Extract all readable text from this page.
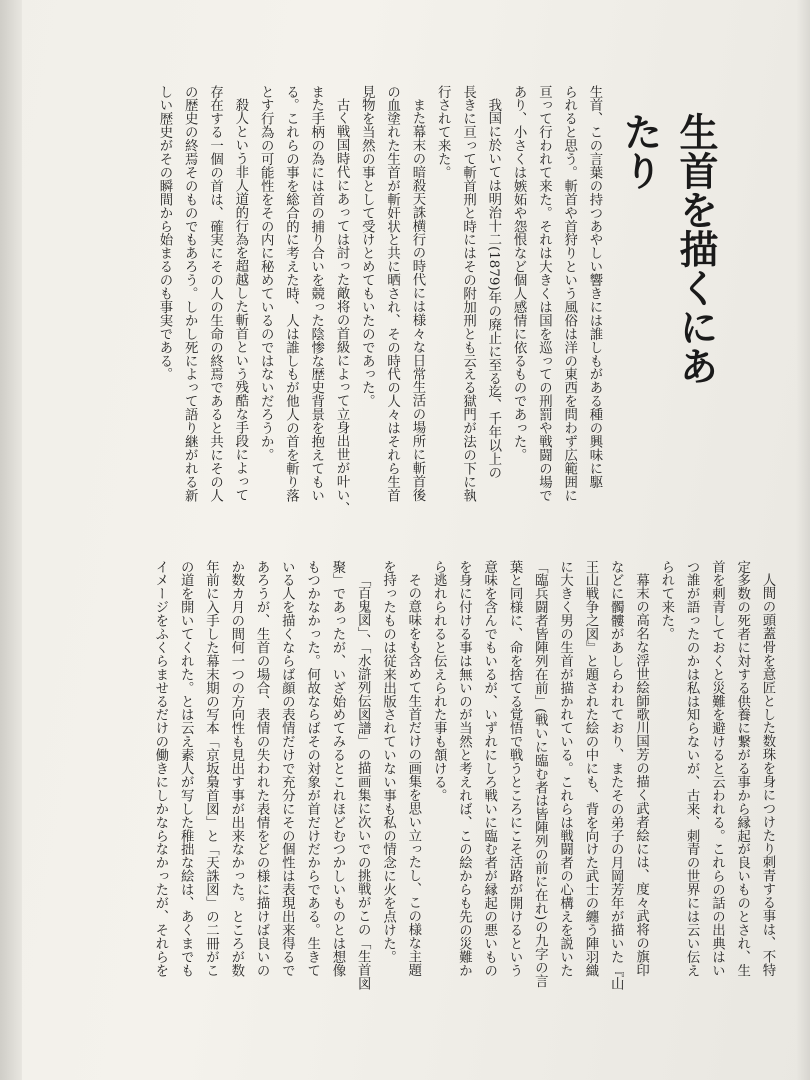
生首を描くにあたり

生首、この言葉の持つあやしい響きには誰しもがある種の興味に駆
られると思う。斬首や首狩りという風俗は洋の東西を問わず広範囲に
亘って行われて来た。それは大きくは国を巡っての刑罰や戦闘の場で
あり、小さくは嫉妬や怨恨など個人感情に依るものであった。

我国に於いては明治十二(1879)年の廃止に至る迄、千年以上の
長きに亘って斬首刑と時にはその附加刑とも云える獄門が法の下に執
行されて来た。

また幕末の暗殺天誅横行の時代には様々な日常生活の場所に斬首後
の血塗れた生首が斬奸状と共に晒され、その時代の人々はそれら生首
見物を当然の事として受けとめてもいたのであった。

古く戦国時代にあっては討った敵将の首級によって立身出世が叶い、
また手柄の為には首の捕り合いを競った陰惨な歴史背景を抱えてもい
る。これらの事を総合的に考えた時、人は誰しもが他人の首を斬り落
とす行為の可能性をその内に秘めているのではないだろうか。

殺人という非人道的行為を超越した斬首という残酷な手段によって
存在する一個の首は、確実にその人の生命の終焉であると共にその人
の歴史の終焉そのものでもあろう。しかし死によって語り継がれる新
しい歴史がその瞬間から始まるのも事実である。

人間の頭蓋骨を意匠とした数珠を身につけたり刺青する事は、不特
定多数の死者に対する供養に繋がる事から縁起が良いものとされ、生
首を刺青しておくと災難を避けると云われる。これらの話の出典はい
つ誰が語ったのかは私は知らないが、古来、刺青の世界には云い伝え
られて来た。

幕末の高名な浮世絵師歌川国芳の描く武者絵には、度々武将の旗印
などに髑髏があしらわれており、またその弟子の月岡芳年が描いた『山
王山戦争之図』と題された絵の中にも、背を向けた武士の纏う陣羽織
に大きく男の生首が描かれている。これらは戦闘者の心構えを説いた
「臨兵闘者皆陣列在前」(戦いに臨む者は皆陣列の前に在れ)の九字の言
葉と同様に、命を捨てる覚悟で戦うところにこそ活路が開けるという
意味を含んでもいるが、いずれにしろ戦いに臨む者が縁起の悪いもの
を身に付ける事は無いのが当然と考えれば、この絵からも先の災難か
ら逃れられると伝えられた事も頷ける。

その意味をも含めて生首だけの画集を思い立ったし、この様な主題
を持ったものは従来出版されていない事も私の情念に火を点けた。

「百鬼図」、「水滸列伝図譜」の描画集に次いでの挑戦がこの「生首図
聚」であったが、いざ始めてみるとこれほどむつかしいものとは想像
もつかなかった。何故ならばその対象が首だけだからである。生きて
いる人を描くならば顔の表情だけで充分にその個性は表現出来得るで
あろうが、生首の場合、表情の失われた表情をどの様に描けば良いの
か数カ月の間何一つの方向性も見出す事が出来なかった。ところが数
年前に入手した幕末期の写本「京坂梟首図」と「天誅図」の二冊がこ
の道を開いてくれた。とは云え素人が写した稚拙な絵は、あくまでも
イメージをふくらませるだけの働きにしかならなかったが、それらを
